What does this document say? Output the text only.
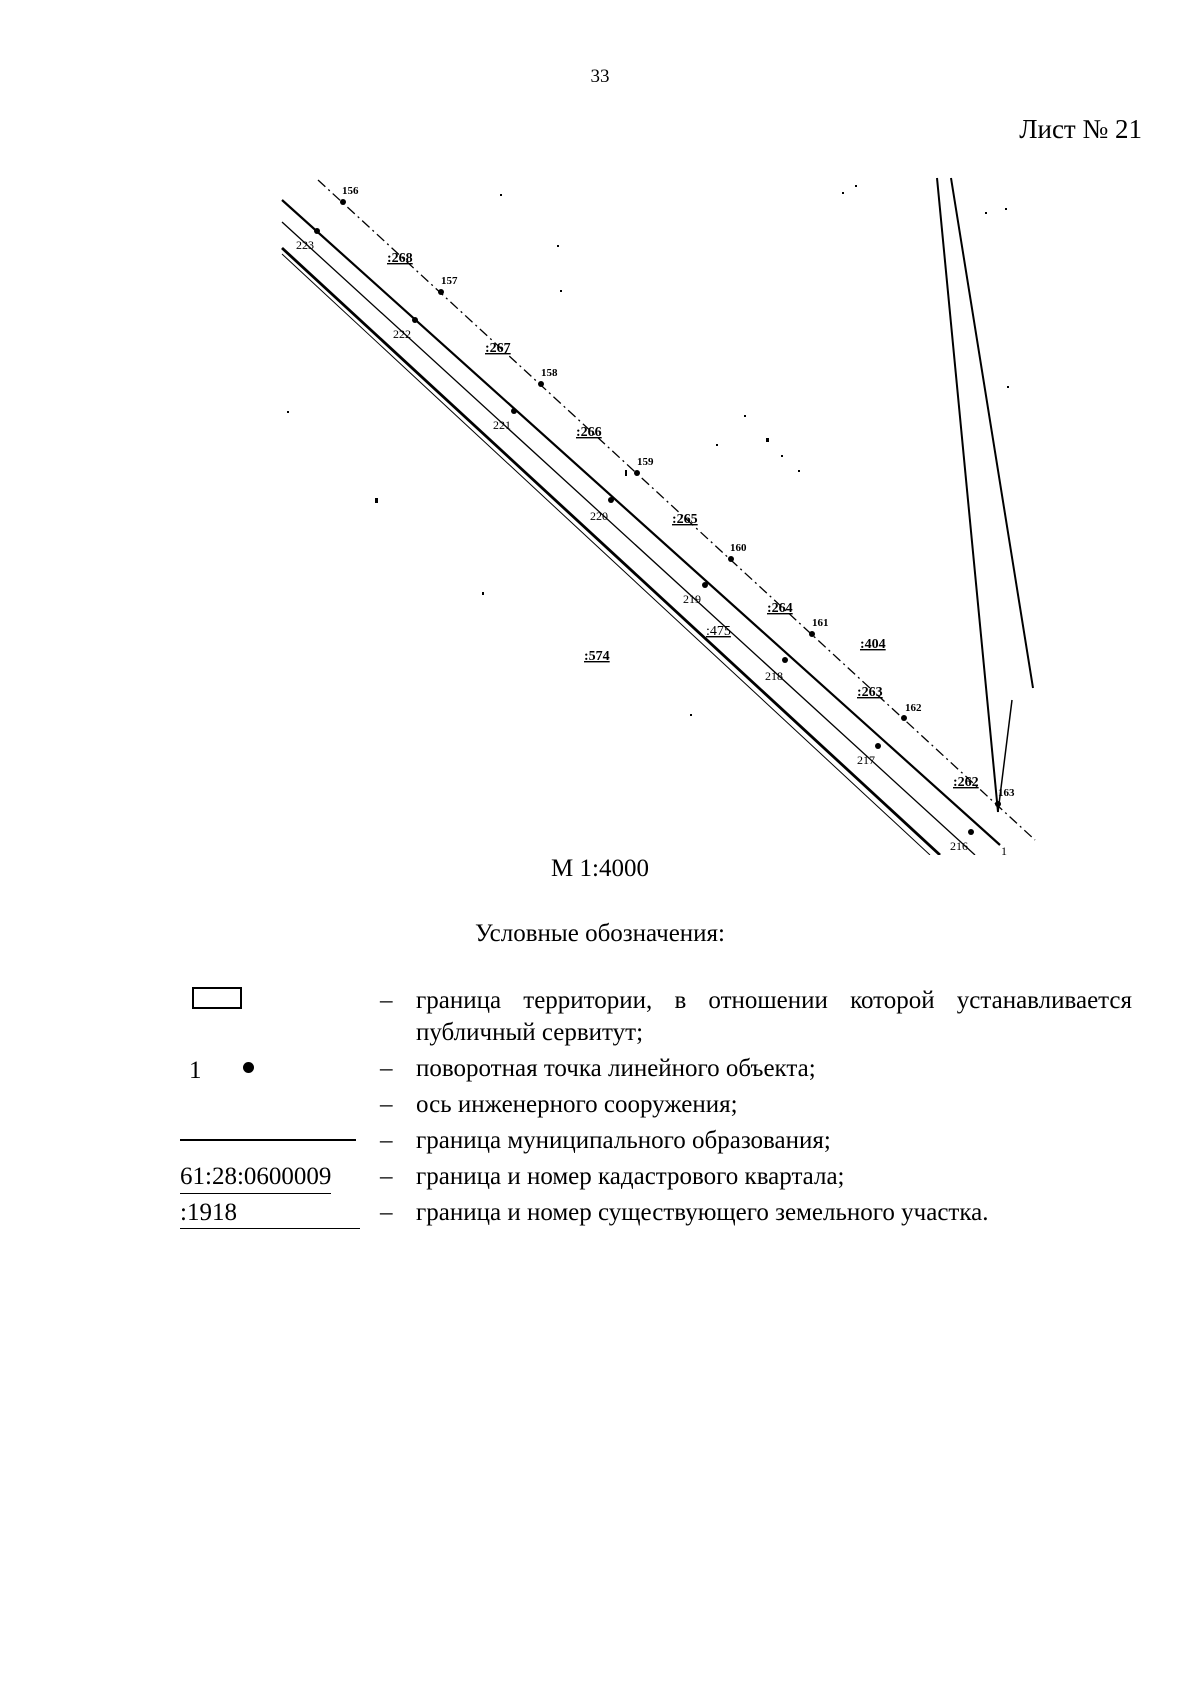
33
Лист № 21
156
157
158
159
160
161
162
163
223
222
221
220
219
218
217
216	1
:268
:267
:266
:265
:264
:404
:263
:262
:475
:574
М 1:4000
Условные обозначения:
– граница территории, в отношении которой устанавливается публичный сервитут;
1	– поворотная точка линейного объекта;
– ось инженерного сооружения;
– граница муниципального образования;
61:28:0600009 – граница и номер кадастрового квартала;
:1918	– граница и номер существующего земельного участка.
